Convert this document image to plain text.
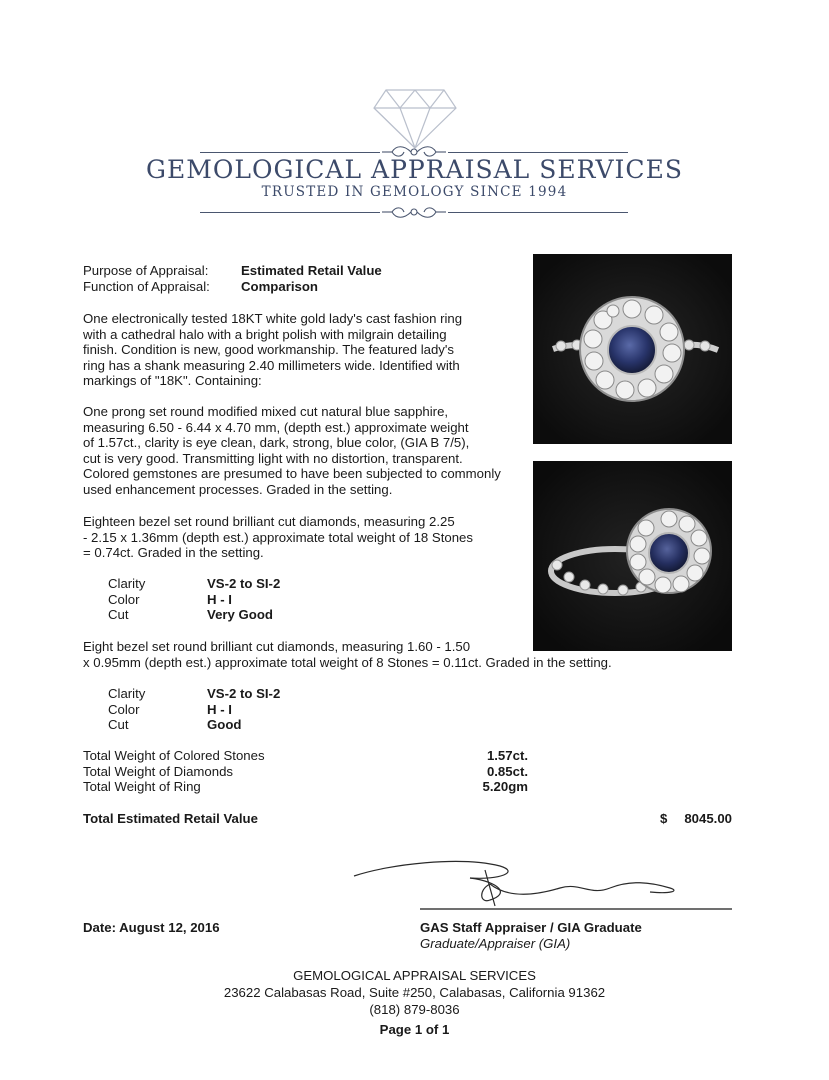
GEMOLOGICAL APPRAISAL SERVICES
TRUSTED IN GEMOLOGY SINCE 1994
Purpose of Appraisal: Estimated Retail Value
Function of Appraisal: Comparison
One electronically tested 18KT white gold lady's cast fashion ring
with a cathedral halo with a bright polish with milgrain detailing
finish. Condition is new, good workmanship. The featured lady's
ring has a shank measuring 2.40 millimeters wide. Identified with
markings of "18K". Containing:
One prong set round modified mixed cut natural blue sapphire,
measuring 6.50 - 6.44 x 4.70 mm, (depth est.) approximate weight
of 1.57ct., clarity is eye clean, dark, strong, blue color, (GIA B 7/5),
cut is very good. Transmitting light with no distortion, transparent.
Colored gemstones are presumed to have been subjected to commonly
used enhancement processes. Graded in the setting.
Eighteen bezel set round brilliant cut diamonds, measuring 2.25
- 2.15 x 1.36mm (depth est.) approximate total weight of 18 Stones
= 0.74ct. Graded in the setting.
Clarity	VS-2 to SI-2
Color	H - I
Cut	Very Good
Eight bezel set round brilliant cut diamonds, measuring 1.60 - 1.50
x 0.95mm (depth est.) approximate total weight of 8 Stones = 0.11ct. Graded in the setting.
Clarity	VS-2 to SI-2
Color	H - I
Cut	Good
Total Weight of Colored Stones	1.57ct.
Total Weight of Diamonds	0.85ct.
Total Weight of Ring	5.20gm
Total Estimated Retail Value	$	8045.00
Date: August 12, 2016	GAS Staff Appraiser / GIA Graduate
Graduate/Appraiser (GIA)
GEMOLOGICAL APPRAISAL SERVICES
23622 Calabasas Road, Suite #250, Calabasas, California 91362
(818) 879-8036
Page 1 of 1
